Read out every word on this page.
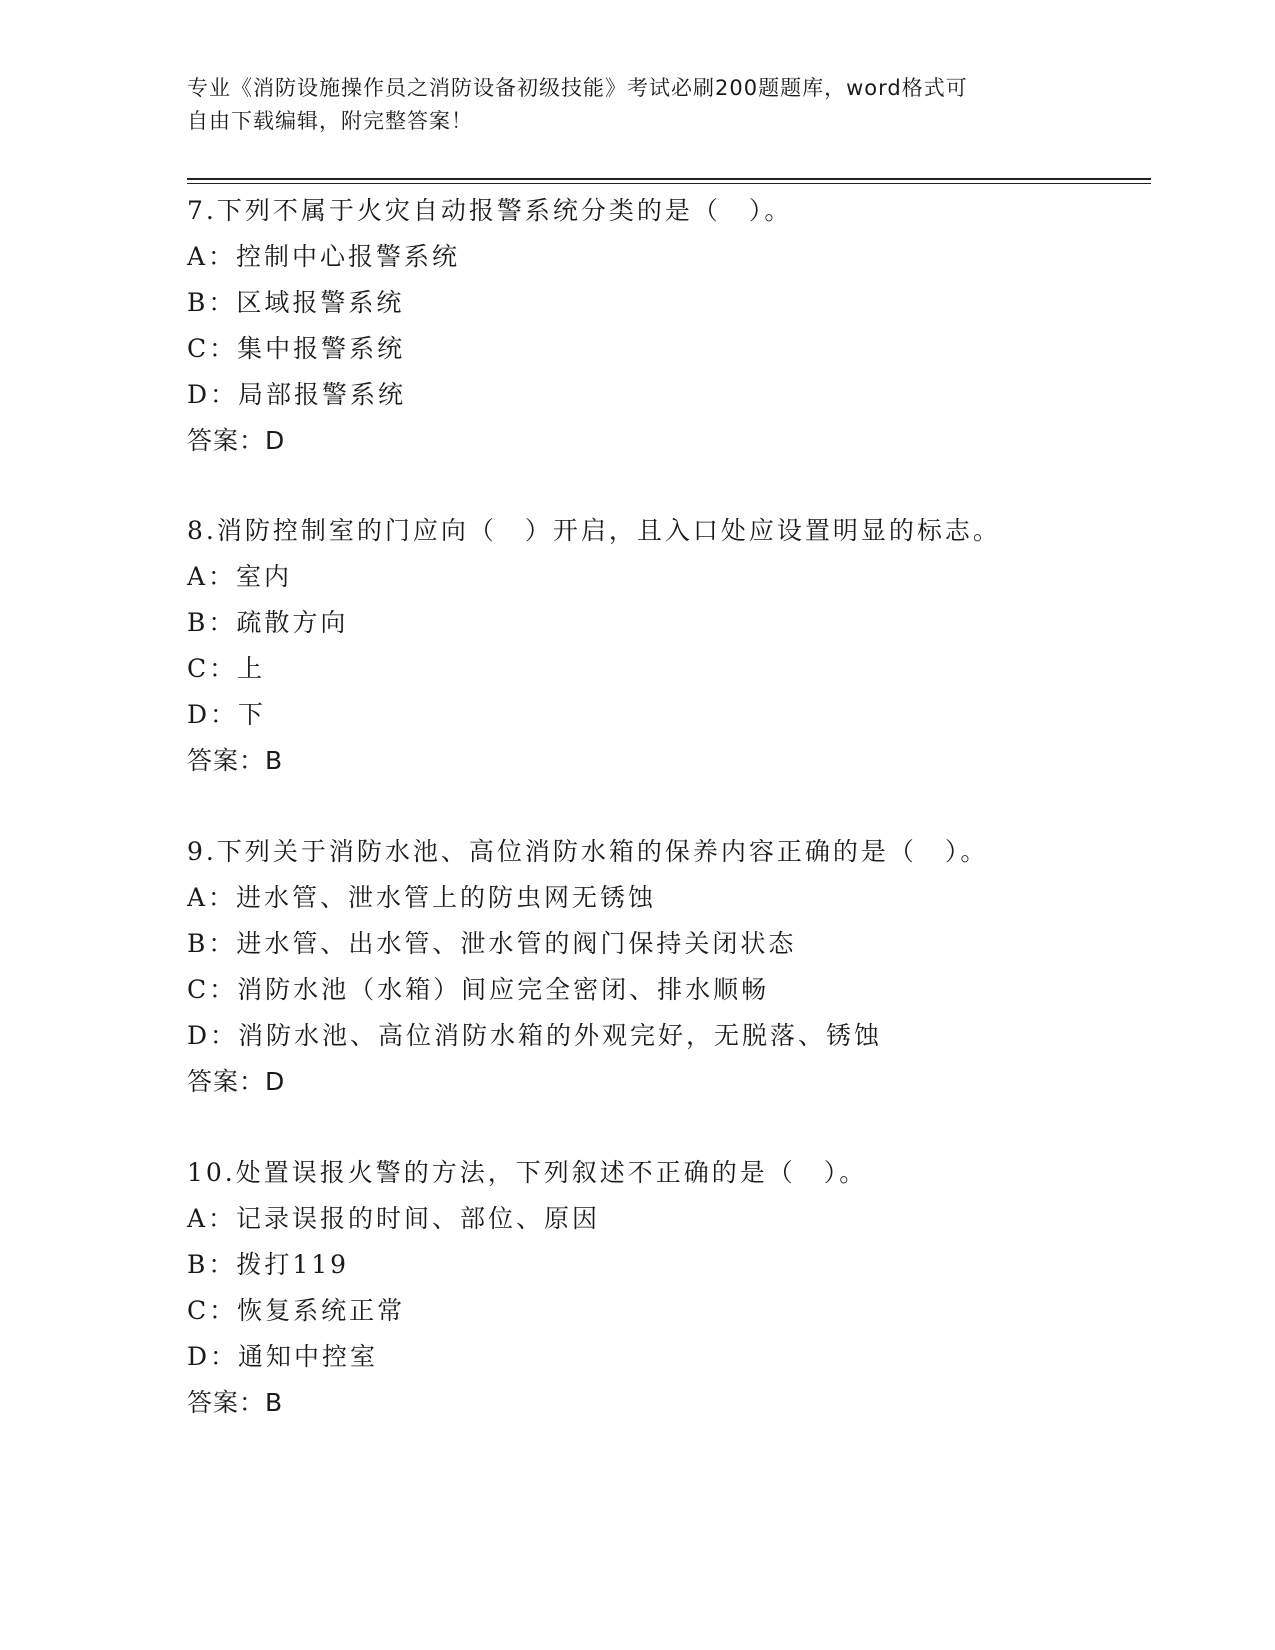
专业《消防设施操作员之消防设备初级技能》考试必刷200题题库，word格式可
自由下载编辑，附完整答案！
7.下列不属于火灾自动报警系统分类的是（　）。
A：控制中心报警系统
B：区域报警系统
C：集中报警系统
D：局部报警系统
答案：D
8.消防控制室的门应向（　）开启，且入口处应设置明显的标志。
A：室内
B：疏散方向
C：上
D：下
答案：B
9.下列关于消防水池、高位消防水箱的保养内容正确的是（　）。
A：进水管、泄水管上的防虫网无锈蚀
B：进水管、出水管、泄水管的阀门保持关闭状态
C：消防水池（水箱）间应完全密闭、排水顺畅
D：消防水池、高位消防水箱的外观完好，无脱落、锈蚀
答案：D
10.处置误报火警的方法，下列叙述不正确的是（　）。
A：记录误报的时间、部位、原因
B：拨打119
C：恢复系统正常
D：通知中控室
答案：B
